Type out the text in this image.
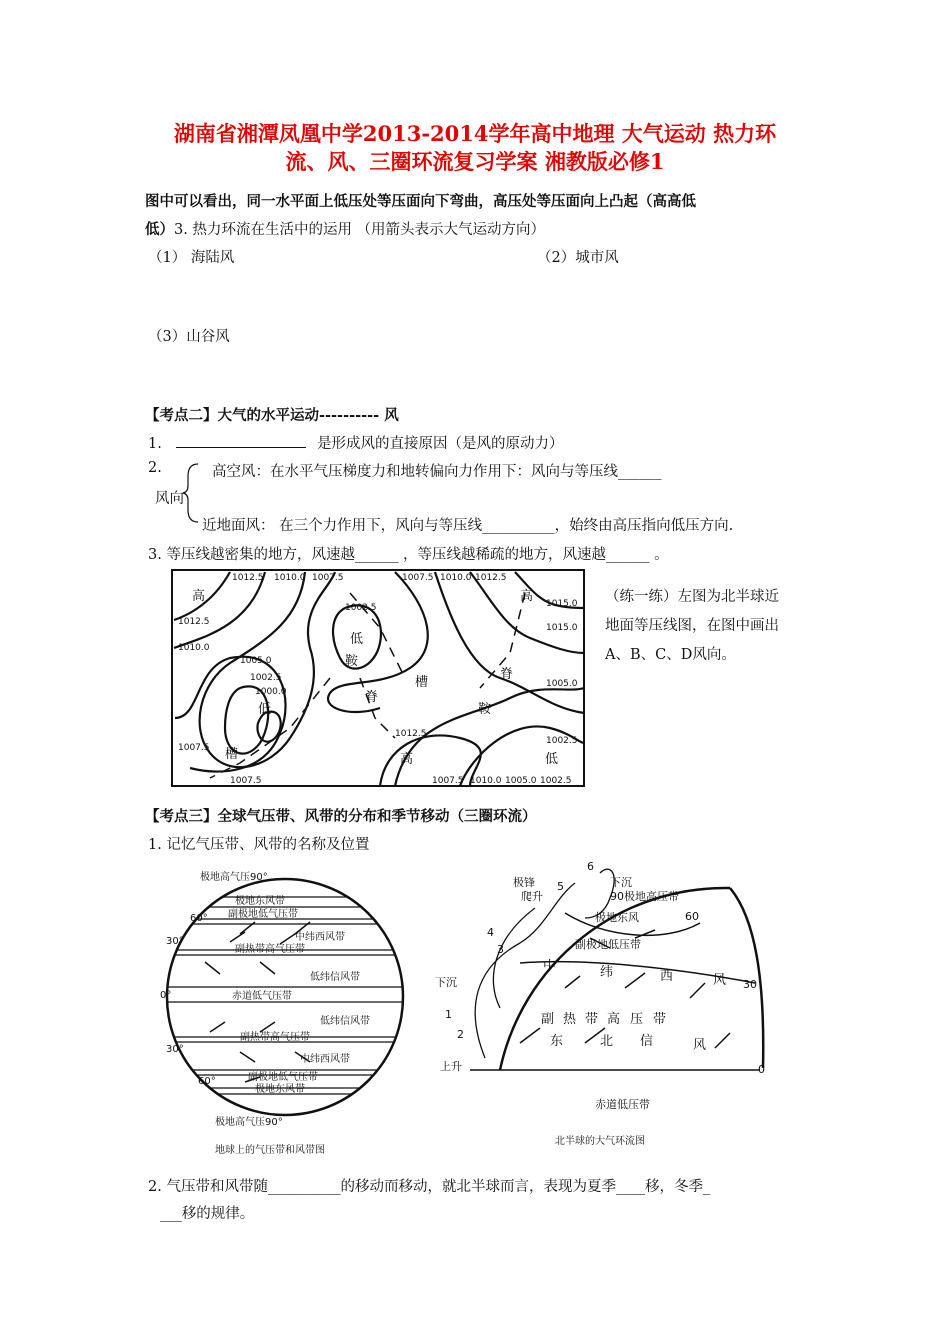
湖南省湘潭凤凰中学2013-2014学年高中地理 大气运动 热力环
流、风、三圈环流复习学案 湘教版必修1
图中可以看出，同一水平面上低压处等压面向下弯曲，高压处等压面向上凸起（高高低
低）3. 热力环流在生活中的运用 （用箭头表示大气运动方向）
（1） 海陆风	（2）城市风
（3）山谷风
【考点二】大气的水平运动---------- 风
1.	是形成风的直接原因（是风的原动力）
2.	高空风：在水平气压梯度力和地转偏向力作用下：风向与等压线______
风向
近地面风： 在三个力作用下，风向与等压线__________，始终由高压指向低压方向.
3. 等压线越密集的地方，风速越______ ，等压线越稀疏的地方，风速越______ 。
1012.5 1010.0 1007.5	1007.5 1010.0 1012.5
1015.0
1002.5
1012.5
1015.0
1010.0
1005.0
1002.5
1000.0
1005.0
1007.5
1012.5
1002.5
1007.5	1007.5 1010.0 1005.0 1002.5
高
低
高
低
鞍
槽
脊
脊
鞍
槽	高	低
（练一练）左图为北半球近
地面等压线图，在图中画出
A、B、C、D风向。
【考点三】全球气压带、风带的分布和季节移动（三圈环流）
1. 记忆气压带、风带的名称及位置
极地高气压90°
极地东风带
副极地低气压带
中纬西风带
副热带高气压带
低纬信风带
赤道低气压带
低纬信风带
副热带高气压带
中纬西风带
副极地低气压带
极地东风带
极地高气压90°
60°
30°
0°
30°
60°
地球上的气压带和风带图
极锋
爬升
下沉
90极地高压带
极地东风
副极地低压带
下沉
上升
赤道低压带
6
5
4
3
1
2
60
30
0
中	纬	西	风
副 热 带 高 压 带
东	北 信	风
北半球的大气环流图
2. 气压带和风带随__________的移动而移动，就北半球而言，表现为夏季____移，冬季_
___移的规律。
